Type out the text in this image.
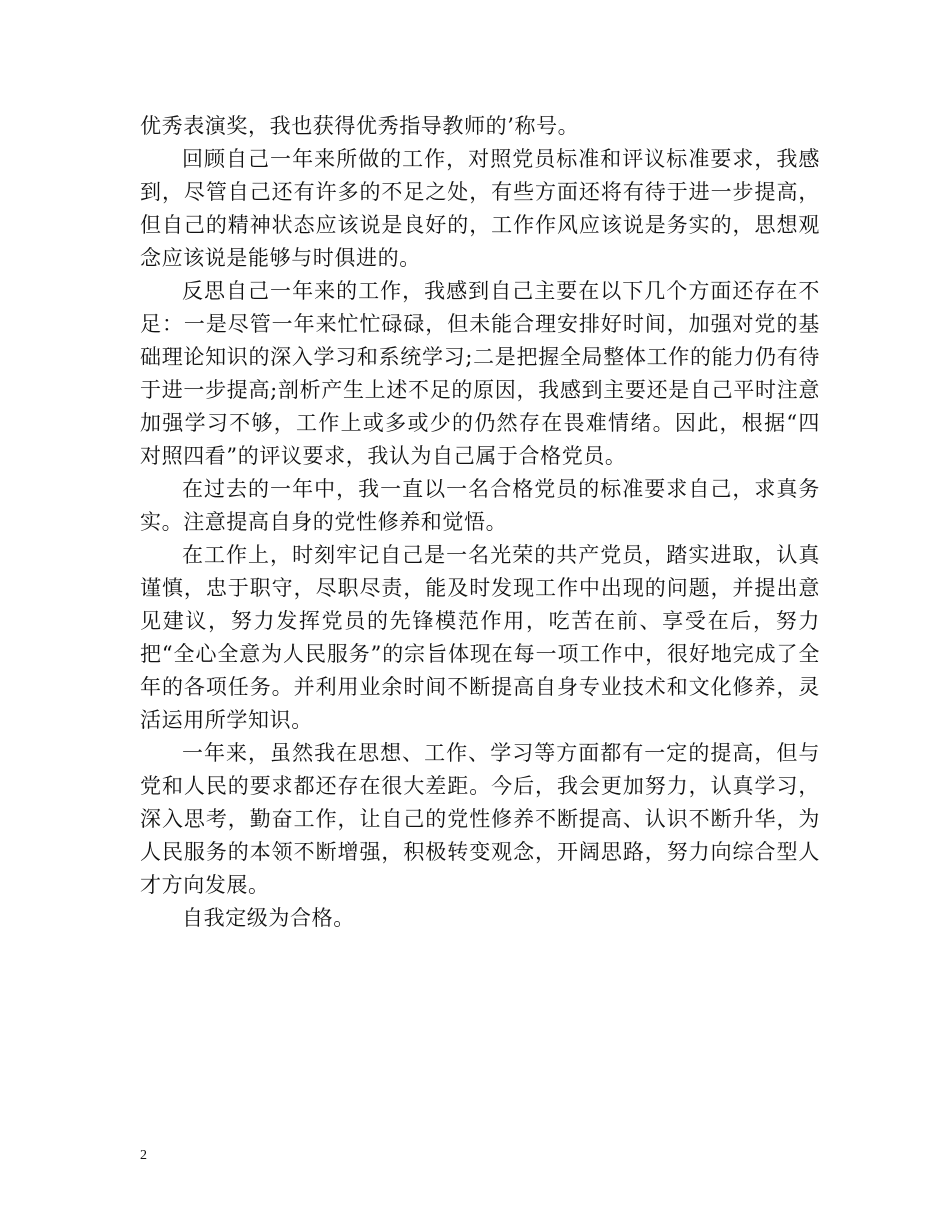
优秀表演奖，我也获得优秀指导教师的’称号。

回顾自己一年来所做的工作，对照党员标准和评议标准要求，我感到，尽管自己还有许多的不足之处，有些方面还将有待于进一步提高，但自己的精神状态应该说是良好的，工作作风应该说是务实的，思想观念应该说是能够与时俱进的。

反思自己一年来的工作，我感到自己主要在以下几个方面还存在不足：一是尽管一年来忙忙碌碌，但未能合理安排好时间，加强对党的基础理论知识的深入学习和系统学习;二是把握全局整体工作的能力仍有待于进一步提高;剖析产生上述不足的原因，我感到主要还是自己平时注意加强学习不够，工作上或多或少的仍然存在畏难情绪。因此，根据“四对照四看”的评议要求，我认为自己属于合格党员。

在过去的一年中，我一直以一名合格党员的标准要求自己，求真务实。注意提高自身的党性修养和觉悟。

在工作上，时刻牢记自己是一名光荣的共产党员，踏实进取，认真谨慎，忠于职守，尽职尽责，能及时发现工作中出现的问题，并提出意见建议，努力发挥党员的先锋模范作用，吃苦在前、享受在后，努力把“全心全意为人民服务”的宗旨体现在每一项工作中，很好地完成了全年的各项任务。并利用业余时间不断提高自身专业技术和文化修养，灵活运用所学知识。

一年来，虽然我在思想、工作、学习等方面都有一定的提高，但与党和人民的要求都还存在很大差距。今后，我会更加努力，认真学习，深入思考，勤奋工作，让自己的党性修养不断提高、认识不断升华，为人民服务的本领不断增强，积极转变观念，开阔思路，努力向综合型人才方向发展。

自我定级为合格。

2
